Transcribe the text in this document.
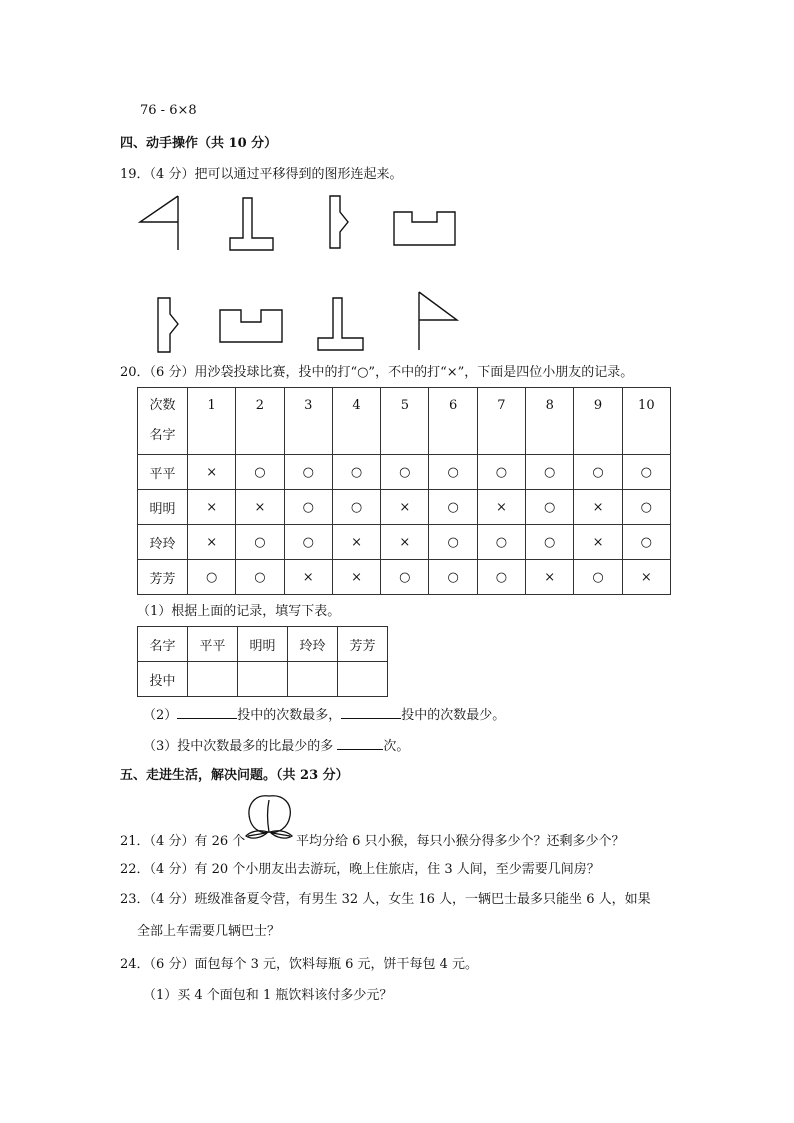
76 - 6×8
四、动手操作（共 10 分）
19．（4 分）把可以通过平移得到的图形连起来。
20．（6 分）用沙袋投球比赛，投中的打“○”，不中的打“×”，下面是四位小朋友的记录。
次数
名字	1	2	3	4	5	6	7	8	9	10
平平	×	○	○	○	○	○	○	○	○	○
明明	×	×	○	○	×	○	×	○	×	○
玲玲	×	○	○	×	×	○	○	○	×	○
芳芳	○	○	×	×	○	○	○	×	○	×
（1）根据上面的记录，填写下表。
名字	平平	明明	玲玲	芳芳
投中				
（2）	投中的次数最多，	投中的次数最少。
（3）投中次数最多的比最少的多	次。
五、走进生活，解决问题。（共 23 分）
21．（4 分）有 26 个	平均分给 6 只小猴，每只小猴分得多少个？还剩多少个？
22．（4 分）有 20 个小朋友出去游玩，晚上住旅店，住 3 人间，至少需要几间房？
23．（4 分）班级准备夏令营，有男生 32 人，女生 16 人，一辆巴士最多只能坐 6 人，如果
全部上车需要几辆巴士？
24．（6 分）面包每个 3 元，饮料每瓶 6 元，饼干每包 4 元。
（1）买 4 个面包和 1 瓶饮料该付多少元？
